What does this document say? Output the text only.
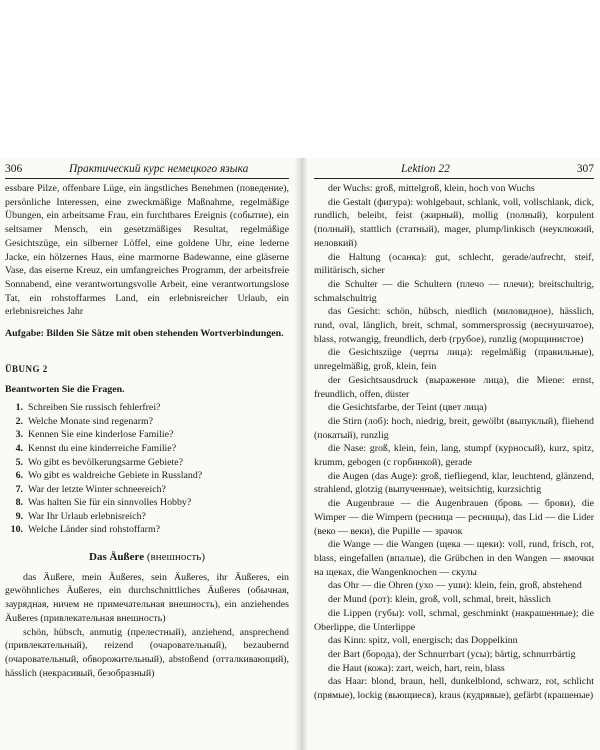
306	Практический курс немецкого языка

essbare Pilze, offenbare Lüge, ein ängstliches Benehmen (поведение), persönliche Interessen, eine zweckmäßige Maßnahme, regelmäßige Übungen, ein arbeitsame Frau, ein furchtbares Ereignis (событие), ein seltsamer Mensch, ein gesetzmäßiges Resultat, regelmäßige Gesichtszüge, ein silberner Löffel, eine goldene Uhr, eine lederne Jacke, ein hölzernes Haus, eine marmorne Badewanne, eine gläserne Vase, das eiserne Kreuz, ein umfangreiches Programm, der arbeitsfreie Sonnabend, eine verantwortungsvolle Arbeit, eine verantwortungslose Tat, ein rohstoffarmes Land, ein erlebnisreicher Urlaub, ein erlebnisreiches Jahr

Aufgabe: Bilden Sie Sätze mit oben stehenden Wortverbindungen.

ÜBUNG 2
Beantworten Sie die Fragen.
1. Schreiben Sie russisch fehlerfrei?
2. Welche Monate sind regenarm?
3. Kennen Sie eine kinderlose Familie?
4. Kennst du eine kinderreiche Familie?
5. Wo gibt es bevölkerungsarme Gebiete?
6. Wo gibt es waldreiche Gebiete in Russland?
7. War der letzte Winter schneereich?
8. Was halten Sie für ein sinnvolles Hobby?
9. War Ihr Urlaub erlebnisreich?
10. Welche Länder sind rohstoffarm?
Das Äußere (внешность)

das Äußere, mein Äußeres, sein Äußeres, ihr Äußeres, ein gewöhnliches Äußeres, ein durchschnittliches Äußeres (обычная, заурядная, ничем не примечательная внешность), ein anziehendes Äußeres (привлекательная внешность)

schön, hübsch, anmutig (прелестный), anziehend, ansprechend (привлекательный), reizend (очаровательный), bezaubernd (очаровательный, обворожительный), abstoßend (отталкивающий), hässlich (некрасивый, безобразный)

Lektion 22	307

der Wuchs: groß, mittelgroß, klein, hoch von Wuchs

die Gestalt (фигура): wohlgebaut, schlank, voll, vollschlank, dick, rundlich, beleibt, feist (жирный), mollig (полный), korpulent (полный), stattlich (статный), mager, plump/linkisch (неуклюжий, неловкий)

die Haltung (осанка): gut, schlecht, gerade/aufrecht, steif, militärisch, sicher

die Schulter — die Schultern (плечо — плечи); breitschultrig, schmalschultrig

das Gesicht: schön, hübsch, niedlich (миловидное), hässlich, rund, oval, länglich, breit, schmal, sommersprossig (веснушчатое), blass, rotwangig, freundlich, derb (грубое), runzlig (морщинистое)

die Gesichtszüge (черты лица): regelmäßig (правильные), unregelmäßig, groß, klein, fein

der Gesichtsausdruck (выражение лица), die Miene: ernst, freundlich, offen, düster

die Gesichtsfarbe, der Teint (цвет лица)

die Stirn (лоб): hoch, niedrig, breit, gewölbt (выпуклый), fliehend (покатый), runzlig

die Nase: groß, klein, fein, lang, stumpf (курносый), kurz, spitz, krumm, gebogen (с горбинкой), gerade

die Augen (das Auge): groß, tiefliegend, klar, leuchtend, glänzend, strahlend, glotzig (выпученные), weitsichtig, kurzsichtig

die Augenbraue — die Augenbrauen (бровь — брови), die Wimper — die Wimpern (ресница — ресницы), das Lid — die Lider (веко — веки), die Pupille — зрачок

die Wange — die Wangen (щека — щеки): voll, rund, frisch, rot, blass, eingefallen (впалые), die Grübchen in den Wangen — ямочки на щеках, die Wangenknochen — скулы

das Ohr — die Ohren (ухо — уши): klein, fein, groß, abstehend

der Mund (рот): klein, groß, voll, schmal, breit, hässlich

die Lippen (губы): voll, schmal, geschminkt (накрашенные); die Oberlippe, die Unterlippe

das Kinn: spitz, voll, energisch; das Doppelkinn

der Bart (борода), der Schnurrbart (усы); bärtig, schnurrbärtig

die Haut (кожа): zart, weich, hart, rein, blass

das Haar: blond, braun, hell, dunkelblond, schwarz, rot, schlicht (прямые), lockig (вьющиеся), kraus (кудрявые), gefärbt (крашеные)
